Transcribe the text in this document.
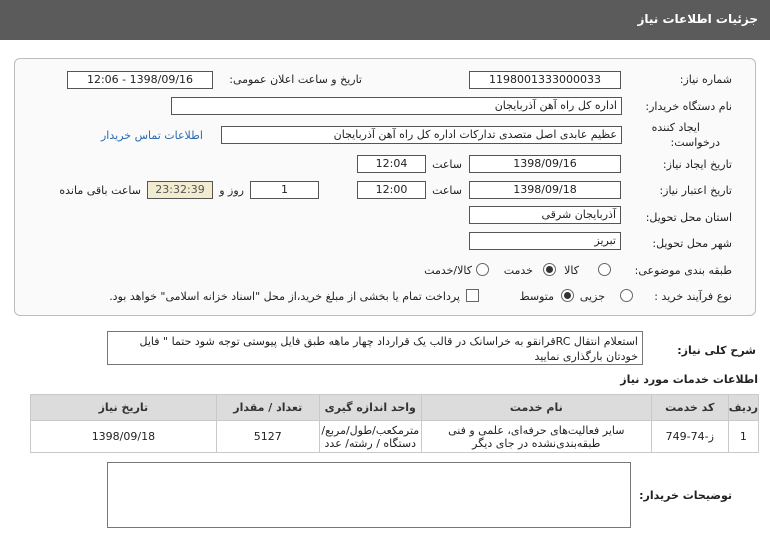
جزئیات اطلاعات نیاز
شماره نیاز:
1198001333000033
تاریخ و ساعت اعلان عمومی:
1398/09/16 - 12:06
نام دستگاه خریدار:
اداره کل راه آهن آذربایجان
ایجاد کننده
درخواست:
عظیم عابدی اصل متصدی تدارکات اداره کل راه آهن آذربایجان
اطلاعات تماس خریدار
تاریخ ایجاد نیاز:
1398/09/16
ساعت
12:04
تاریخ اعتبار نیاز:
1398/09/18
ساعت
12:00
1
روز و
23:32:39
ساعت باقی مانده
استان محل تحویل:
آذربایجان شرقی
شهر محل تحویل:
تبریز
طبقه بندی موضوعی:
کالا
خدمت
کالا/خدمت
نوع فرآیند خرید :
جزیی
متوسط
پرداخت تمام یا بخشی از مبلغ خرید،از محل "اسناد خزانه اسلامی" خواهد بود.
شرح کلی نیاز:
استعلام انتقال RCقرانقو به خراسانک در قالب یک قرارداد چهار ماهه طبق فایل پیوستی توجه شود حتما " فایل خودتان بارگذاری نمایید
اطلاعات خدمات مورد نیاز
ردیف	کد خدمت	نام خدمت	واحد اندازه گیری	تعداد / مقدار	تاریخ نیاز
1	ز-74-749	سایر فعالیت‌های حرفه‌ای، علمی و فنی طبقه‌بندی‌نشده در جای دیگر	مترمکعب/طول/مربع/دستگاه / رشته/ عدد	5127	1398/09/18
توضیحات خریدار:
